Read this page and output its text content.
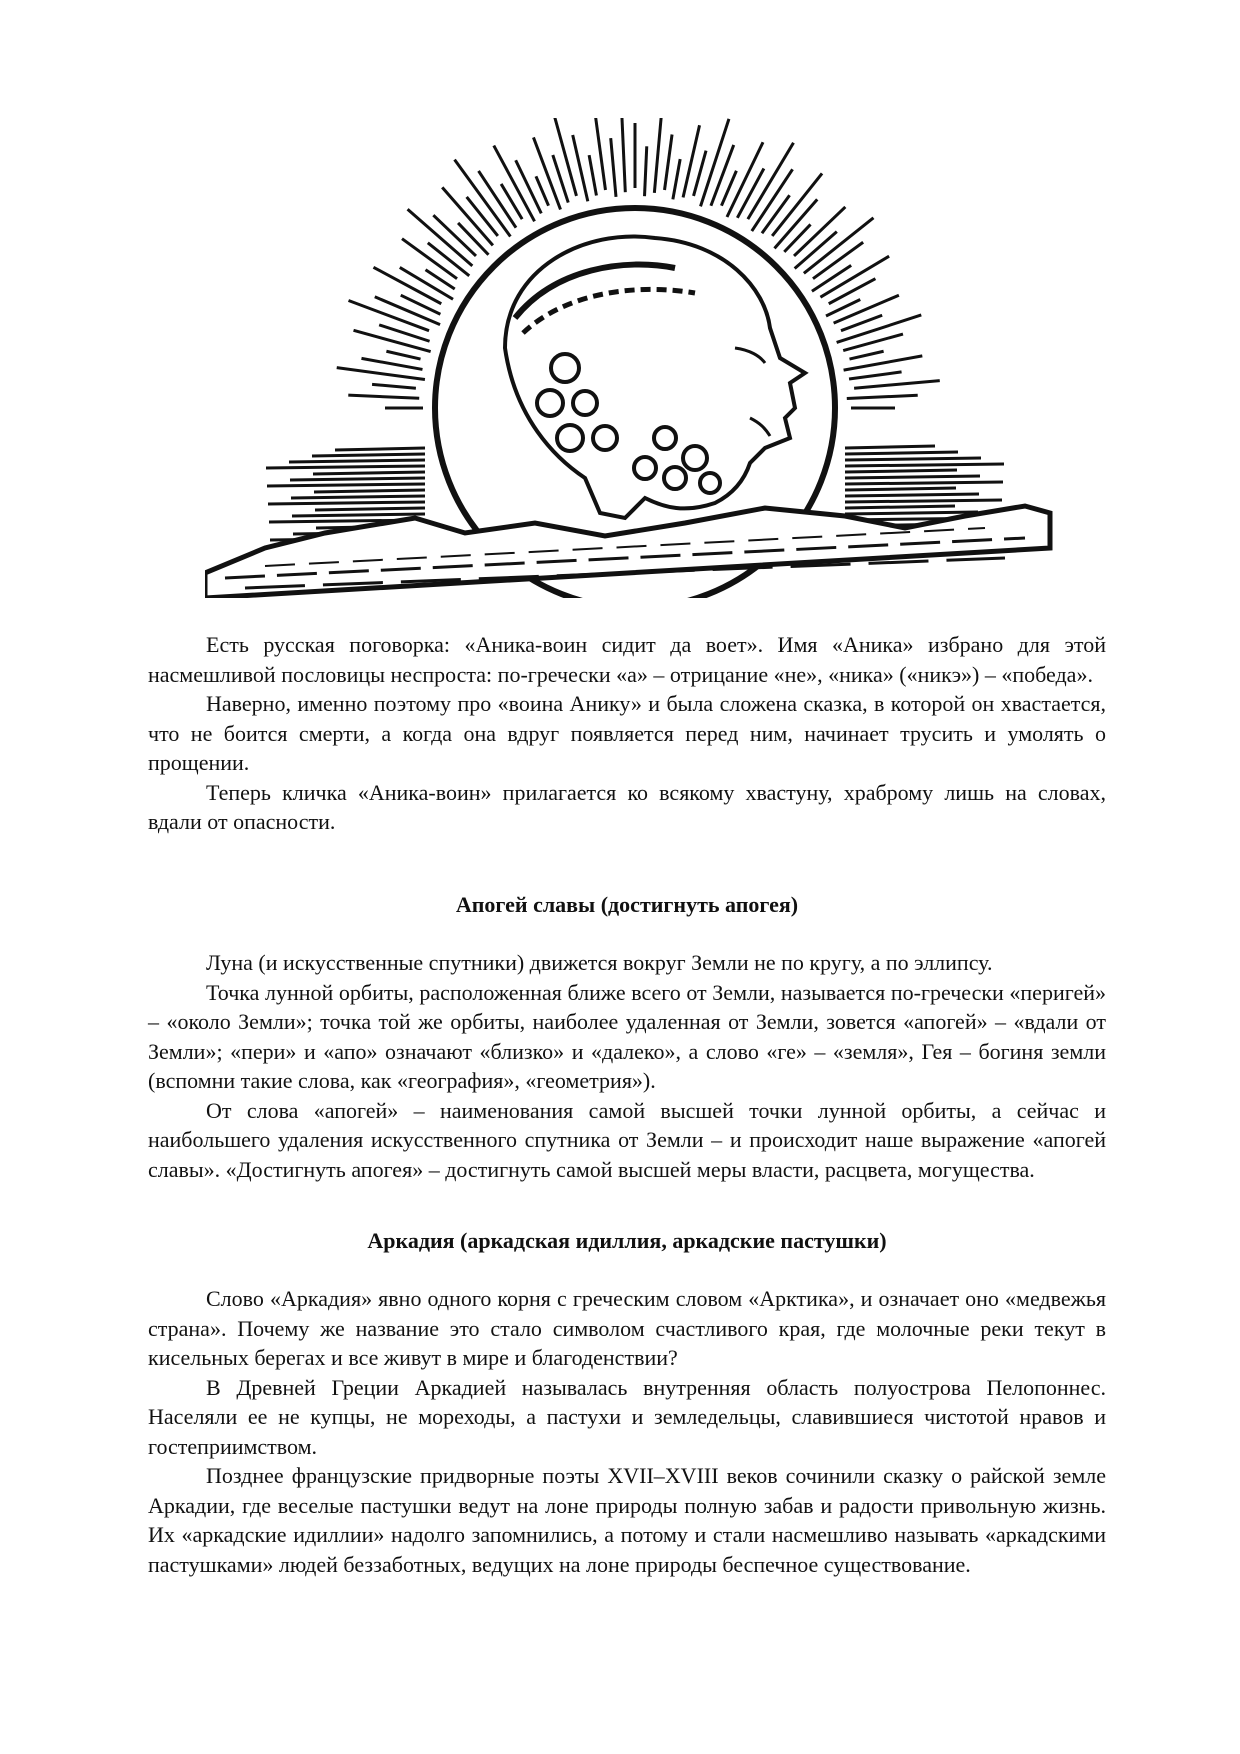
Есть русская поговорка: «Аника-воин сидит да воет». Имя «Аника» избрано для этой насмешливой пословицы неспроста: по-гречески «а» – отрицание «не», «ника» («никэ») – «победа».

Наверно, именно поэтому про «воина Анику» и была сложена сказка, в которой он хвастается, что не боится смерти, а когда она вдруг появляется перед ним, начинает трусить и умолять о прощении.

Теперь кличка «Аника-воин» прилагается ко всякому хвастуну, храброму лишь на словах, вдали от опасности.

Апогей славы (достигнуть апогея)

Луна (и искусственные спутники) движется вокруг Земли не по кругу, а по эллипсу.

Точка лунной орбиты, расположенная ближе всего от Земли, называется по-гречески «перигей» – «около Земли»; точка той же орбиты, наиболее удаленная от Земли, зовется «апогей» – «вдали от Земли»; «пери» и «апо» означают «близко» и «далеко», а слово «ге» – «земля», Гея – богиня земли (вспомни такие слова, как «география», «геометрия»).

От слова «апогей» – наименования самой высшей точки лунной орбиты, а сейчас и наибольшего удаления искусственного спутника от Земли – и происходит наше выражение «апогей славы». «Достигнуть апогея» – достигнуть самой высшей меры власти, расцвета, могущества.

Аркадия (аркадская идиллия, аркадские пастушки)

Слово «Аркадия» явно одного корня с греческим словом «Арктика», и означает оно «медвежья страна». Почему же название это стало символом счастливого края, где молочные реки текут в кисельных берегах и все живут в мире и благоденствии?

В Древней Греции Аркадией называлась внутренняя область полуострова Пелопоннес. Населяли ее не купцы, не мореходы, а пастухи и земледельцы, славившиеся чистотой нравов и гостеприимством.

Позднее французские придворные поэты XVII–XVIII веков сочинили сказку о райской земле Аркадии, где веселые пастушки ведут на лоне природы полную забав и радости привольную жизнь. Их «аркадские идиллии» надолго запомнились, а потому и стали насмешливо называть «аркадскими пастушками» людей беззаботных, ведущих на лоне природы беспечное существование.
